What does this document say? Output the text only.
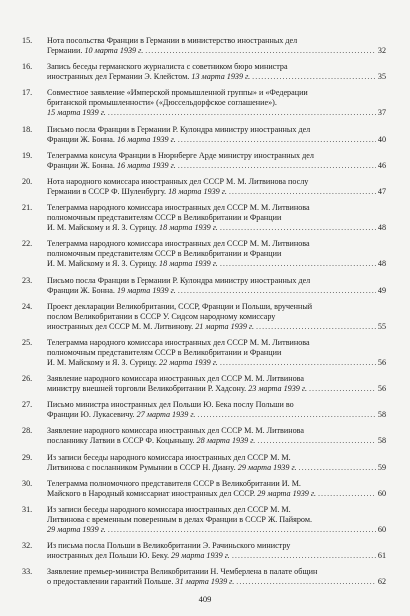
15.	Нота посольства Франции в Германии в министерство иностранных дел
Германии. 10 марта 1939 г. .....	32
16.	Запись беседы германского журналиста с советником бюро министра
иностранных дел Германии Э. Клейстом. 13 марта 1939 г. .....	35
17.	Совместное заявление «Имперской промышленной группы» и «Федерации
британской промышленности» («Дюссельдорфское соглашение»).
15 марта 1939 г. .....	37
18.	Письмо посла Франции в Германии Р. Кулондра министру иностранных дел
Франции Ж. Бонна. 16 марта 1939 г. .....	40
19.	Телеграмма консула Франции в Нюрнберге Арде министру иностранных дел
Франции Ж. Бонна. 16 марта 1939 г. .....	46
20.	Нота народного комиссара иностранных дел СССР М. М. Литвинова послу
Германии в СССР Ф. Шуленбургу. 18 марта 1939 г. .....	47
21.	Телеграмма народного комиссара иностранных дел СССР М. М. Литвинова
полномочным представителям СССР в Великобритании и Франции
И. М. Майскому и Я. З. Сурицу. 18 марта 1939 г. .....	48
22.	Телеграмма народного комиссара иностранных дел СССР М. М. Литвинова
полномочным представителям СССР в Великобритании и Франции
И. М. Майскому и Я. З. Сурицу. 18 марта 1939 г. .....	48
23.	Письмо посла Франции в Германии Р. Кулондра министру иностранных дел
Франции Ж. Бонна. 19 марта 1939 г. .....	49
24.	Проект декларации Великобритании, СССР, Франции и Польши, врученный
послом Великобритании в СССР У. Сидсом народному комиссару
иностранных дел СССР М. М. Литвинову. 21 марта 1939 г. .....	55
25.	Телеграмма народного комиссара иностранных дел СССР М. М. Литвинова
полномочным представителям СССР в Великобритании и Франции
И. М. Майскому и Я. З. Сурицу. 22 марта 1939 г. .....	56
26.	Заявление народного комиссара иностранных дел СССР М. М. Литвинова
министру внешней торговли Великобритании Р. Хадсону. 23 марта 1939 г. .....	56
27.	Письмо министра иностранных дел Польши Ю. Бека послу Польши во
Франции Ю. Лукасевичу. 27 марта 1939 г. .....	58
28.	Заявление народного комиссара иностранных дел СССР М. М. Литвинова
посланнику Латвии в СССР Ф. Коцыньшу. 28 марта 1939 г. .....	58
29.	Из записи беседы народного комиссара иностранных дел СССР М. М.
Литвинова с посланником Румынии в СССР Н. Дианy. 29 марта 1939 г. .....	59
30.	Телеграмма полномочного представителя СССР в Великобритании И. М.
Майского в Народный комиссариат иностранных дел СССР. 29 марта 1939 г. .....	60
31.	Из записи беседы народного комиссара иностранных дел СССР М. М.
Литвинова с временным поверенным в делах Франции в СССР Ж. Пайяром.
29 марта 1939 г. .....	60
32.	Из письма посла Польши в Великобритании Э. Рачиньского министру
иностранных дел Польши Ю. Беку. 29 марта 1939 г. .....	61
33.	Заявление премьер-министра Великобритании Н. Чемберлена в палате общин
о предоставлении гарантий Польше. 31 марта 1939 г. .....	62
409
